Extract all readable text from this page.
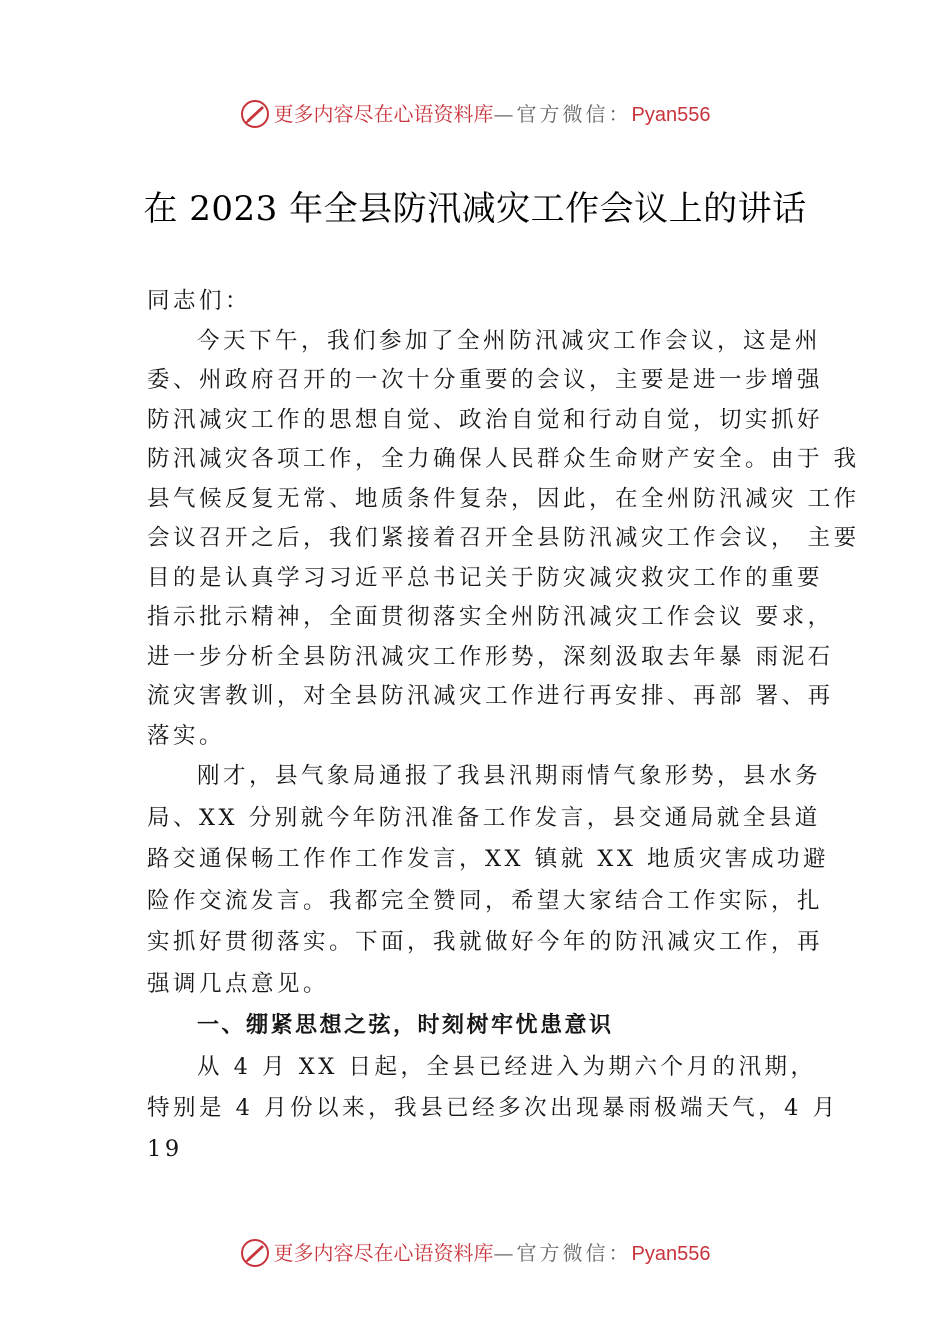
更多内容尽在心语资料库—官方微信：Pyan556
在 2023 年全县防汛减灾工作会议上的讲话
同志们：
今天下午，我们参加了全州防汛减灾工作会议，这是州
委、州政府召开的一次十分重要的会议，主要是进一步增强
防汛减灾工作的思想自觉、政治自觉和行动自觉，切实抓好
防汛减灾各项工作，全力确保人民群众生命财产安全。由于 我
县气候反复无常、地质条件复杂，因此，在全州防汛减灾 工作
会议召开之后，我们紧接着召开全县防汛减灾工作会议， 主要
目的是认真学习习近平总书记关于防灾减灾救灾工作的重要
指示批示精神，全面贯彻落实全州防汛减灾工作会议 要求，
进一步分析全县防汛减灾工作形势，深刻汲取去年暴 雨泥石
流灾害教训，对全县防汛减灾工作进行再安排、再部 署、再
落实。
刚才，县气象局通报了我县汛期雨情气象形势，县水务
局、XX 分别就今年防汛准备工作发言，县交通局就全县道
路交通保畅工作作工作发言，XX 镇就 XX 地质灾害成功避
险作交流发言。我都完全赞同，希望大家结合工作实际，扎
实抓好贯彻落实。下面，我就做好今年的防汛减灾工作，再
强调几点意见。
一、绷紧思想之弦，时刻树牢忧患意识
从 4 月 XX 日起，全县已经进入为期六个月的汛期，
特别是 4 月份以来，我县已经多次出现暴雨极端天气，4 月
19
更多内容尽在心语资料库—官方微信：Pyan556
